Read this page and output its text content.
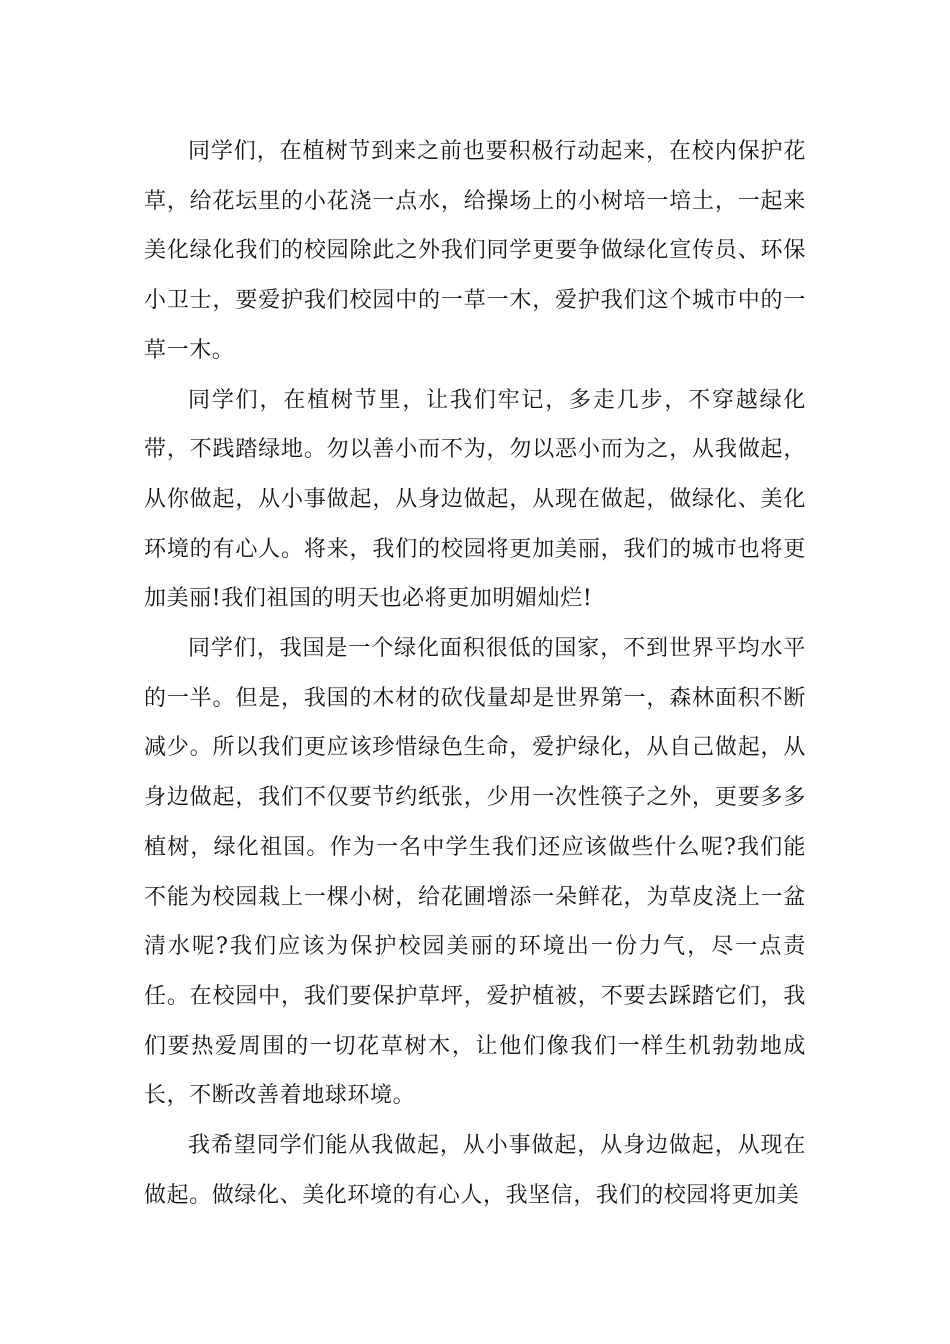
同学们，在植树节到来之前也要积极行动起来，在校内保护花草，给花坛里的小花浇一点水，给操场上的小树培一培土，一起来美化绿化我们的校园除此之外我们同学更要争做绿化宣传员、环保小卫士，要爱护我们校园中的一草一木，爱护我们这个城市中的一草一木。

同学们，在植树节里，让我们牢记，多走几步，不穿越绿化带，不践踏绿地。勿以善小而不为，勿以恶小而为之，从我做起，从你做起，从小事做起，从身边做起，从现在做起，做绿化、美化环境的有心人。将来，我们的校园将更加美丽，我们的城市也将更加美丽!我们祖国的明天也必将更加明媚灿烂!

同学们，我国是一个绿化面积很低的国家，不到世界平均水平的一半。但是，我国的木材的砍伐量却是世界第一，森林面积不断减少。所以我们更应该珍惜绿色生命，爱护绿化，从自己做起，从身边做起，我们不仅要节约纸张，少用一次性筷子之外，更要多多植树，绿化祖国。作为一名中学生我们还应该做些什么呢?我们能不能为校园栽上一棵小树，给花圃增添一朵鲜花，为草皮浇上一盆清水呢?我们应该为保护校园美丽的环境出一份力气，尽一点责任。在校园中，我们要保护草坪，爱护植被，不要去踩踏它们，我们要热爱周围的一切花草树木，让他们像我们一样生机勃勃地成长，不断改善着地球环境。

我希望同学们能从我做起，从小事做起，从身边做起，从现在做起。做绿化、美化环境的有心人，我坚信，我们的校园将更加美
